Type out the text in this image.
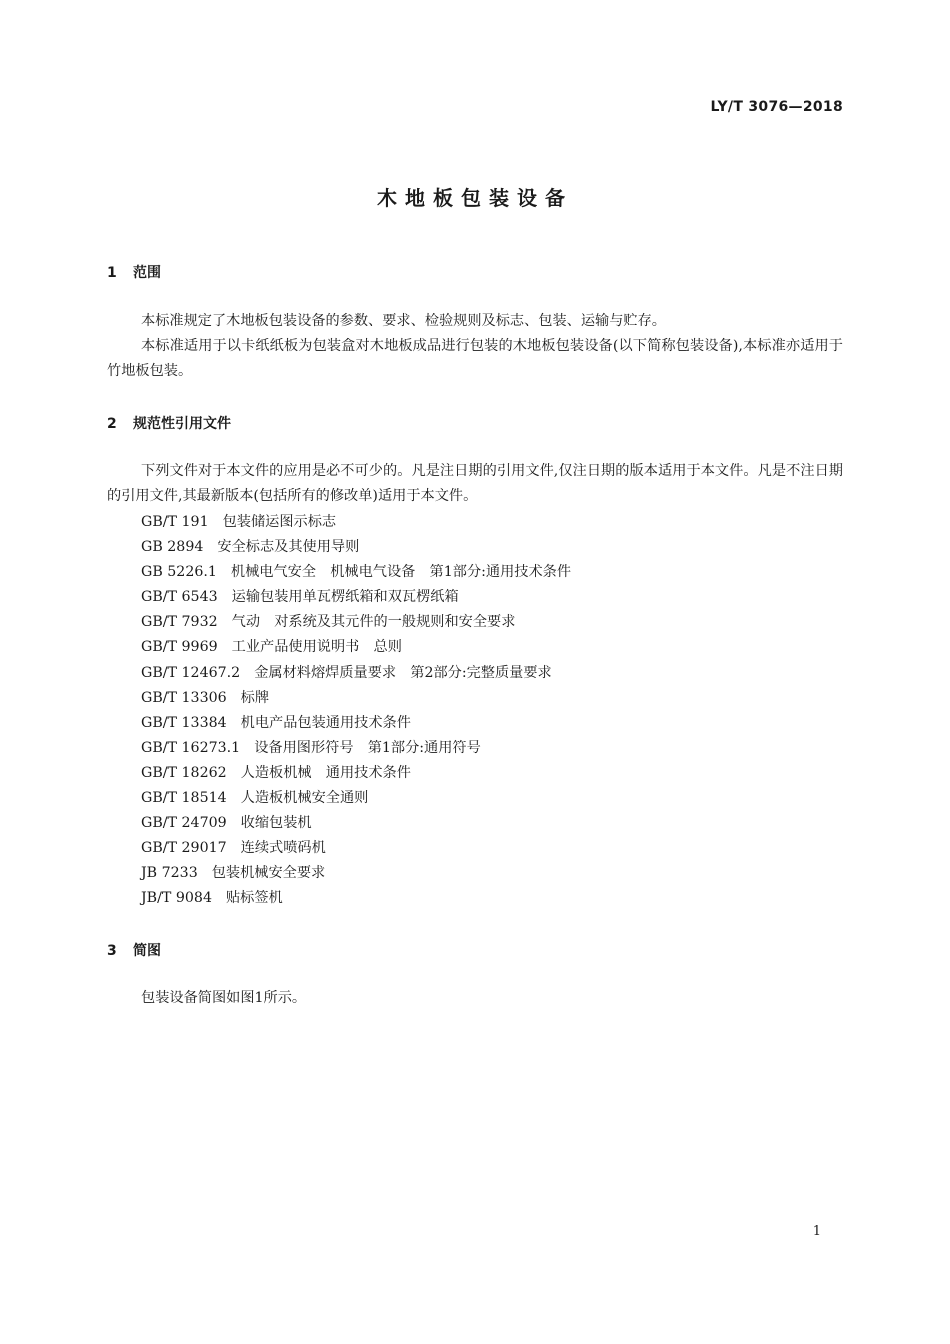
LY/T 3076—2018
木地板包装设备
1 范围

本标准规定了木地板包装设备的参数、要求、检验规则及标志、包装、运输与贮存。

本标准适用于以卡纸纸板为包装盒对木地板成品进行包装的木地板包装设备(以下简称包装设备),本标准亦适用于竹地板包装。

2 规范性引用文件

下列文件对于本文件的应用是必不可少的。凡是注日期的引用文件,仅注日期的版本适用于本文件。凡是不注日期的引用文件,其最新版本(包括所有的修改单)适用于本文件。

GB/T 191 包装储运图示标志
GB 2894 安全标志及其使用导则
GB 5226.1 机械电气安全　机械电气设备　第1部分:通用技术条件
GB/T 6543 运输包装用单瓦楞纸箱和双瓦楞纸箱
GB/T 7932 气动　对系统及其元件的一般规则和安全要求
GB/T 9969 工业产品使用说明书　总则
GB/T 12467.2 金属材料熔焊质量要求　第2部分:完整质量要求
GB/T 13306 标牌
GB/T 13384 机电产品包装通用技术条件
GB/T 16273.1 设备用图形符号　第1部分:通用符号
GB/T 18262 人造板机械　通用技术条件
GB/T 18514 人造板机械安全通则
GB/T 24709 收缩包装机
GB/T 29017 连续式喷码机
JB 7233 包装机械安全要求
JB/T 9084 贴标签机
3 简图

包装设备简图如图1所示。

1
